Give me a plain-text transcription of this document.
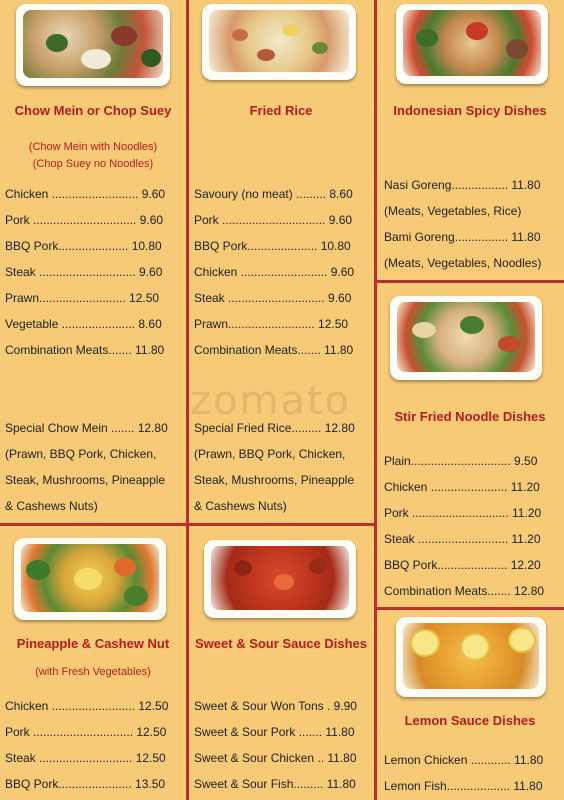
zomato
Chow Mein or Chop Suey
(Chow Mein with Noodles)
(Chop Suey no Noodles)
Chicken .......................... 9.60
Pork ............................... 9.60
BBQ Pork..................... 10.80
Steak ............................. 9.60
Prawn.......................... 12.50
Vegetable ...................... 8.60
Combination Meats....... 11.80
Special Chow Mein ....... 12.80
(Prawn, BBQ Pork, Chicken,
Steak, Mushrooms, Pineapple
& Cashews Nuts)
Pineapple & Cashew Nut
(with Fresh Vegetables)
Chicken ......................... 12.50
Pork .............................. 12.50
Steak ............................ 12.50
BBQ Pork...................... 13.50
Fried Rice
Savoury (no meat) ......... 8.60
Pork ............................... 9.60
BBQ Pork..................... 10.80
Chicken .......................... 9.60
Steak ............................. 9.60
Prawn.......................... 12.50
Combination Meats....... 11.80
Special Fried Rice......... 12.80
(Prawn, BBQ Pork, Chicken,
Steak, Mushrooms, Pineapple
& Cashews Nuts)
Sweet & Sour Sauce Dishes
Sweet & Sour Won Tons . 9.90
Sweet & Sour Pork ....... 11.80
Sweet & Sour Chicken .. 11.80
Sweet & Sour Fish......... 11.80
Indonesian Spicy Dishes
Nasi Goreng................. 11.80
(Meats, Vegetables, Rice)
Bami Goreng................ 11.80
(Meats, Vegetables, Noodles)
Stir Fried Noodle Dishes
Plain.............................. 9.50
Chicken ....................... 11.20
Pork ............................. 11.20
Steak ........................... 11.20
BBQ Pork..................... 12.20
Combination Meats....... 12.80
Lemon Sauce Dishes
Lemon Chicken ............ 11.80
Lemon Fish................... 11.80
